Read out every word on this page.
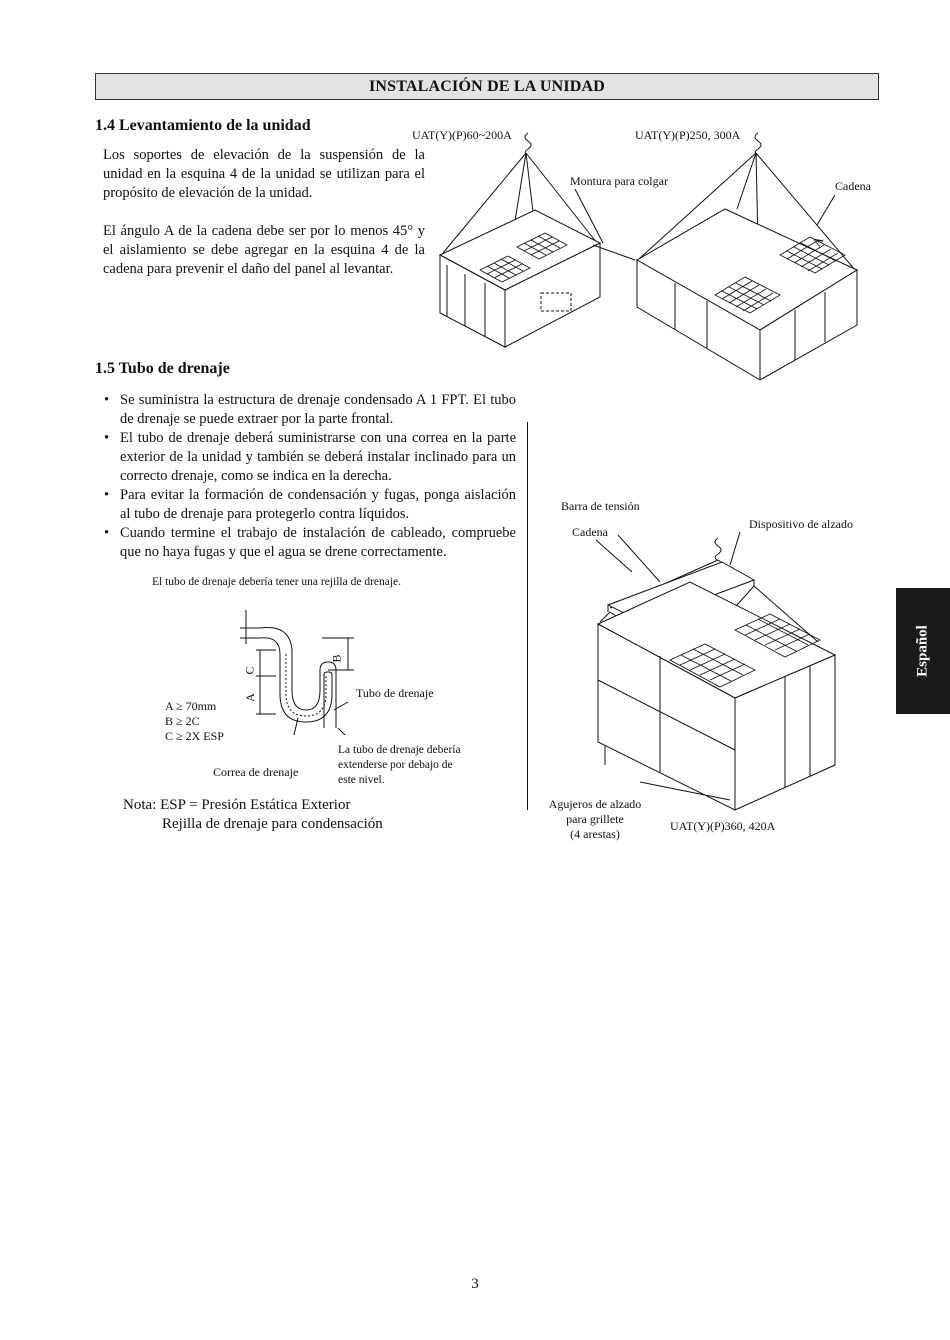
INSTALACIÓN DE LA UNIDAD
1.4 Levantamiento de la unidad
Los soportes de elevación de la suspensión de la unidad en la esquina 4 de la unidad se utilizan para el propósito de elevación de la unidad.
El ángulo A de la cadena debe ser por lo menos 45° y el aislamiento se debe agregar en la esquina 4 de la cadena para prevenir el daño del panel al levantar.
A
UAT(Y)(P)60~200A	UAT(Y)(P)250, 300A
Montura para colgar	Cadena
1.5 Tubo de drenaje
• Se suministra la estructura de drenaje condensado A 1 FPT. El tubo de drenaje se puede extraer por la parte frontal.
• El tubo de drenaje deberá suministrarse con una correa en la parte exterior de la unidad y también se deberá instalar inclinado para un correcto drenaje, como se indica en la derecha.
• Para evitar la formación de condensación y fugas, ponga aislación al tubo de drenaje para protegerlo contra líquidos.
• Cuando termine el trabajo de instalación de cableado, compruebe que no haya fugas y que el agua se drene correctamente.
El tubo de drenaje debería tener una rejilla de drenaje.
C
A
B
A ≥ 70mm
B ≥ 2C
C ≥ 2X ESP
Tubo de drenaje
Correa de drenaje
La tubo de drenaje debería extenderse por debajo de este nivel.
Nota: ESP = Presión Estática Exterior
Rejilla de drenaje para condensación
Barra de tensión
Cadena
Dispositivo de alzado
Agujeros de alzado
para grillete
(4 arestas)
UAT(Y)(P)360, 420A
Español
3
